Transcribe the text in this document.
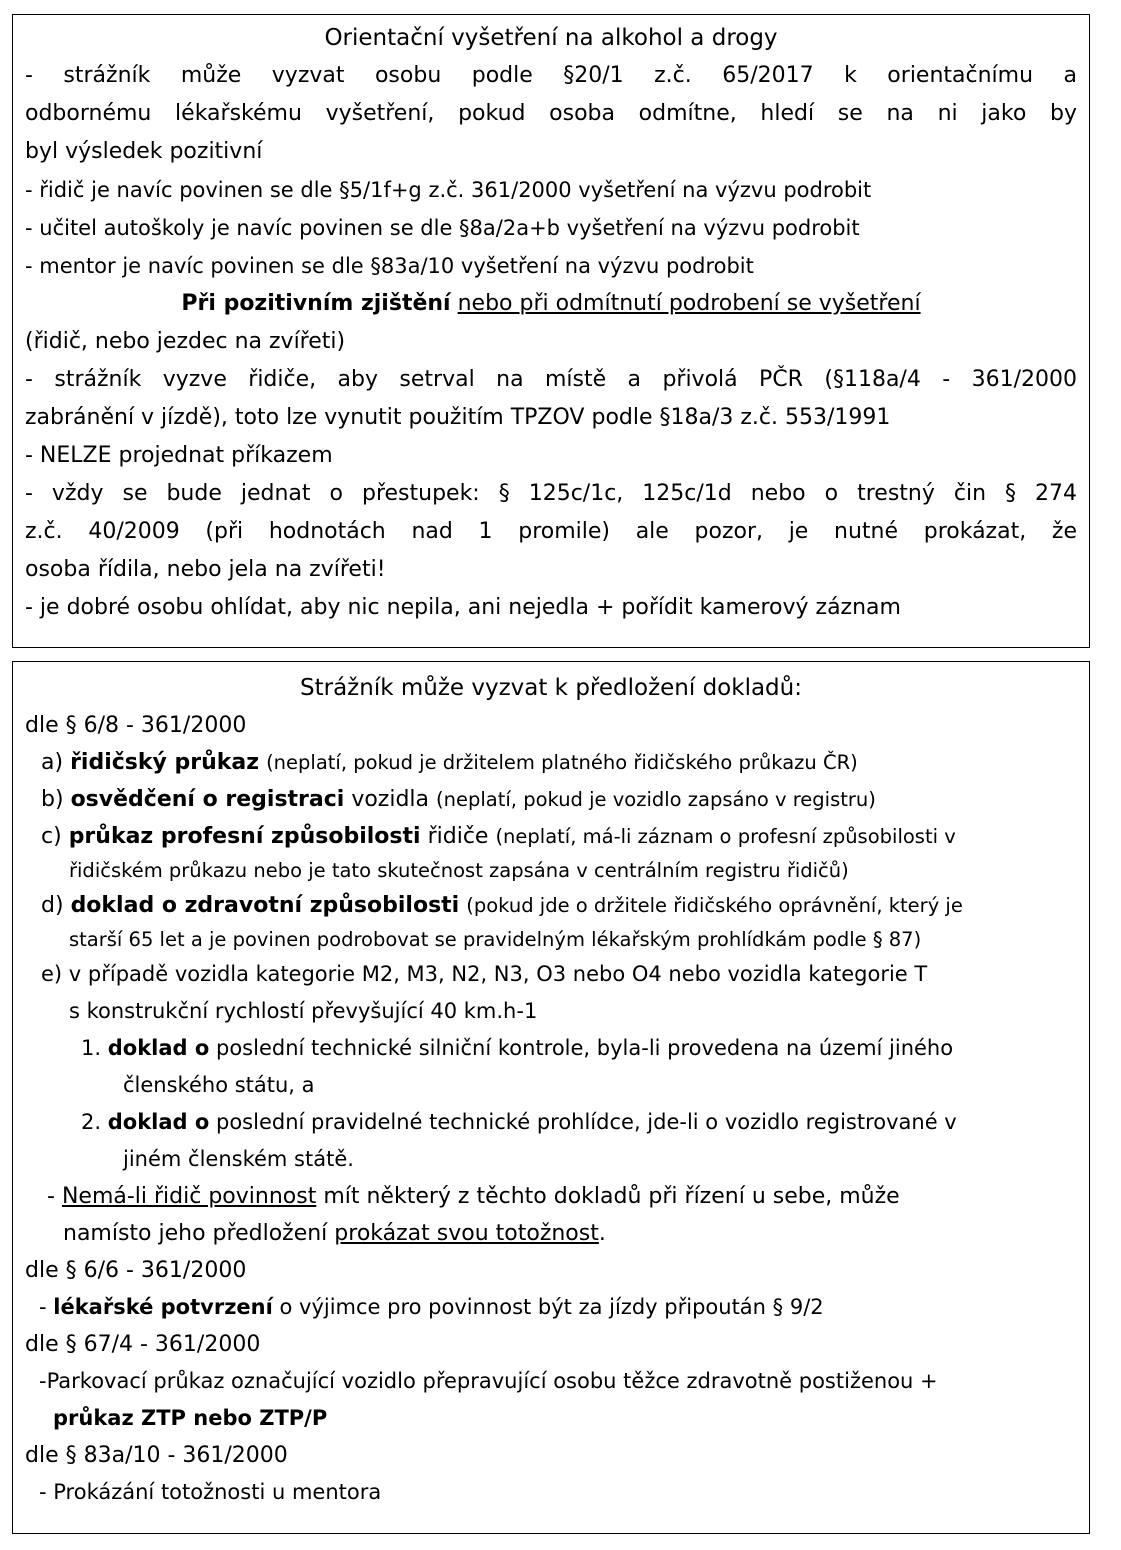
Orientační vyšetření na alkohol a drogy
- strážník může vyzvat osobu podle §20/1 z.č. 65/2017 k orientačnímu a
odbornému lékařskému vyšetření, pokud osoba odmítne, hledí se na ni jako by
byl výsledek pozitivní
- řidič je navíc povinen se dle §5/1f+g z.č. 361/2000 vyšetření na výzvu podrobit
- učitel autoškoly je navíc povinen se dle §8a/2a+b vyšetření na výzvu podrobit
- mentor je navíc povinen se dle §83a/10 vyšetření na výzvu podrobit
Při pozitivním zjištění nebo při odmítnutí podrobení se vyšetření
(řidič, nebo jezdec na zvířeti)
- strážník vyzve řidiče, aby setrval na místě a přivolá PČR (§118a/4 - 361/2000
zabránění v jízdě), toto lze vynutit použitím TPZOV podle §18a/3 z.č. 553/1991
- NELZE projednat příkazem
- vždy se bude jednat o přestupek: § 125c/1c, 125c/1d nebo o trestný čin § 274
z.č. 40/2009 (při hodnotách nad 1 promile) ale pozor, je nutné prokázat, že
osoba řídila, nebo jela na zvířeti!
- je dobré osobu ohlídat, aby nic nepila, ani nejedla + pořídit kamerový záznam
Strážník může vyzvat k předložení dokladů:
dle § 6/8 - 361/2000
a) řidičský průkaz (neplatí, pokud je držitelem platného řidičského průkazu ČR)
b) osvědčení o registraci vozidla (neplatí, pokud je vozidlo zapsáno v registru)
c) průkaz profesní způsobilosti řidiče (neplatí, má-li záznam o profesní způsobilosti v
řidičském průkazu nebo je tato skutečnost zapsána v centrálním registru řidičů)
d) doklad o zdravotní způsobilosti (pokud jde o držitele řidičského oprávnění, který je
starší 65 let a je povinen podrobovat se pravidelným lékařským prohlídkám podle § 87)
e) v případě vozidla kategorie M2, M3, N2, N3, O3 nebo O4 nebo vozidla kategorie T
s konstrukční rychlostí převyšující 40 km.h-1
1. doklad o poslední technické silniční kontrole, byla-li provedena na území jiného
členského státu, a
2. doklad o poslední pravidelné technické prohlídce, jde-li o vozidlo registrované v
jiném členském státě.
- Nemá-li řidič povinnost mít některý z těchto dokladů při řízení u sebe, může
namísto jeho předložení prokázat svou totožnost.
dle § 6/6 - 361/2000
- lékařské potvrzení o výjimce pro povinnost být za jízdy připoután § 9/2
dle § 67/4 - 361/2000
-Parkovací průkaz označující vozidlo přepravující osobu těžce zdravotně postiženou +
průkaz ZTP nebo ZTP/P
dle § 83a/10 - 361/2000
- Prokázání totožnosti u mentora
